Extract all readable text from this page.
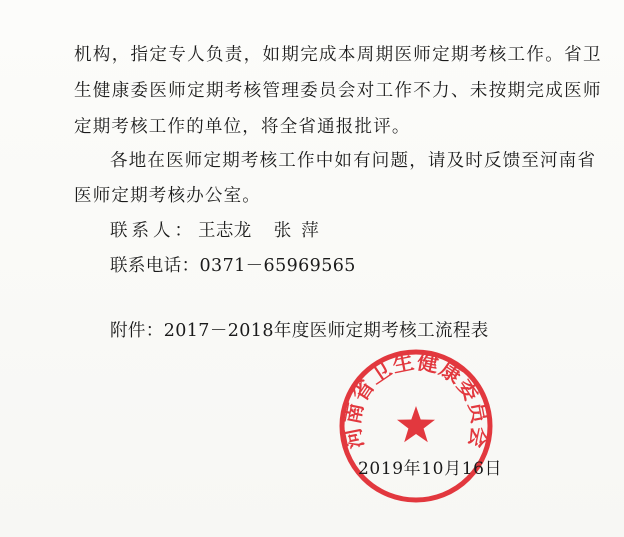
机构，指定专人负责，如期完成本周期医师定期考核工作。省卫
生健康委医师定期考核管理委员会对工作不力、未按期完成医师
定期考核工作的单位，将全省通报批评。
各地在医师定期考核工作中如有问题，请及时反馈至河南省
医师定期考核办公室。
联系人： 王志龙 张萍
联系电话：0371－65969565
附件：2017－2018年度医师定期考核工流程表
河南省卫生健康委员会
2019年10月16日
